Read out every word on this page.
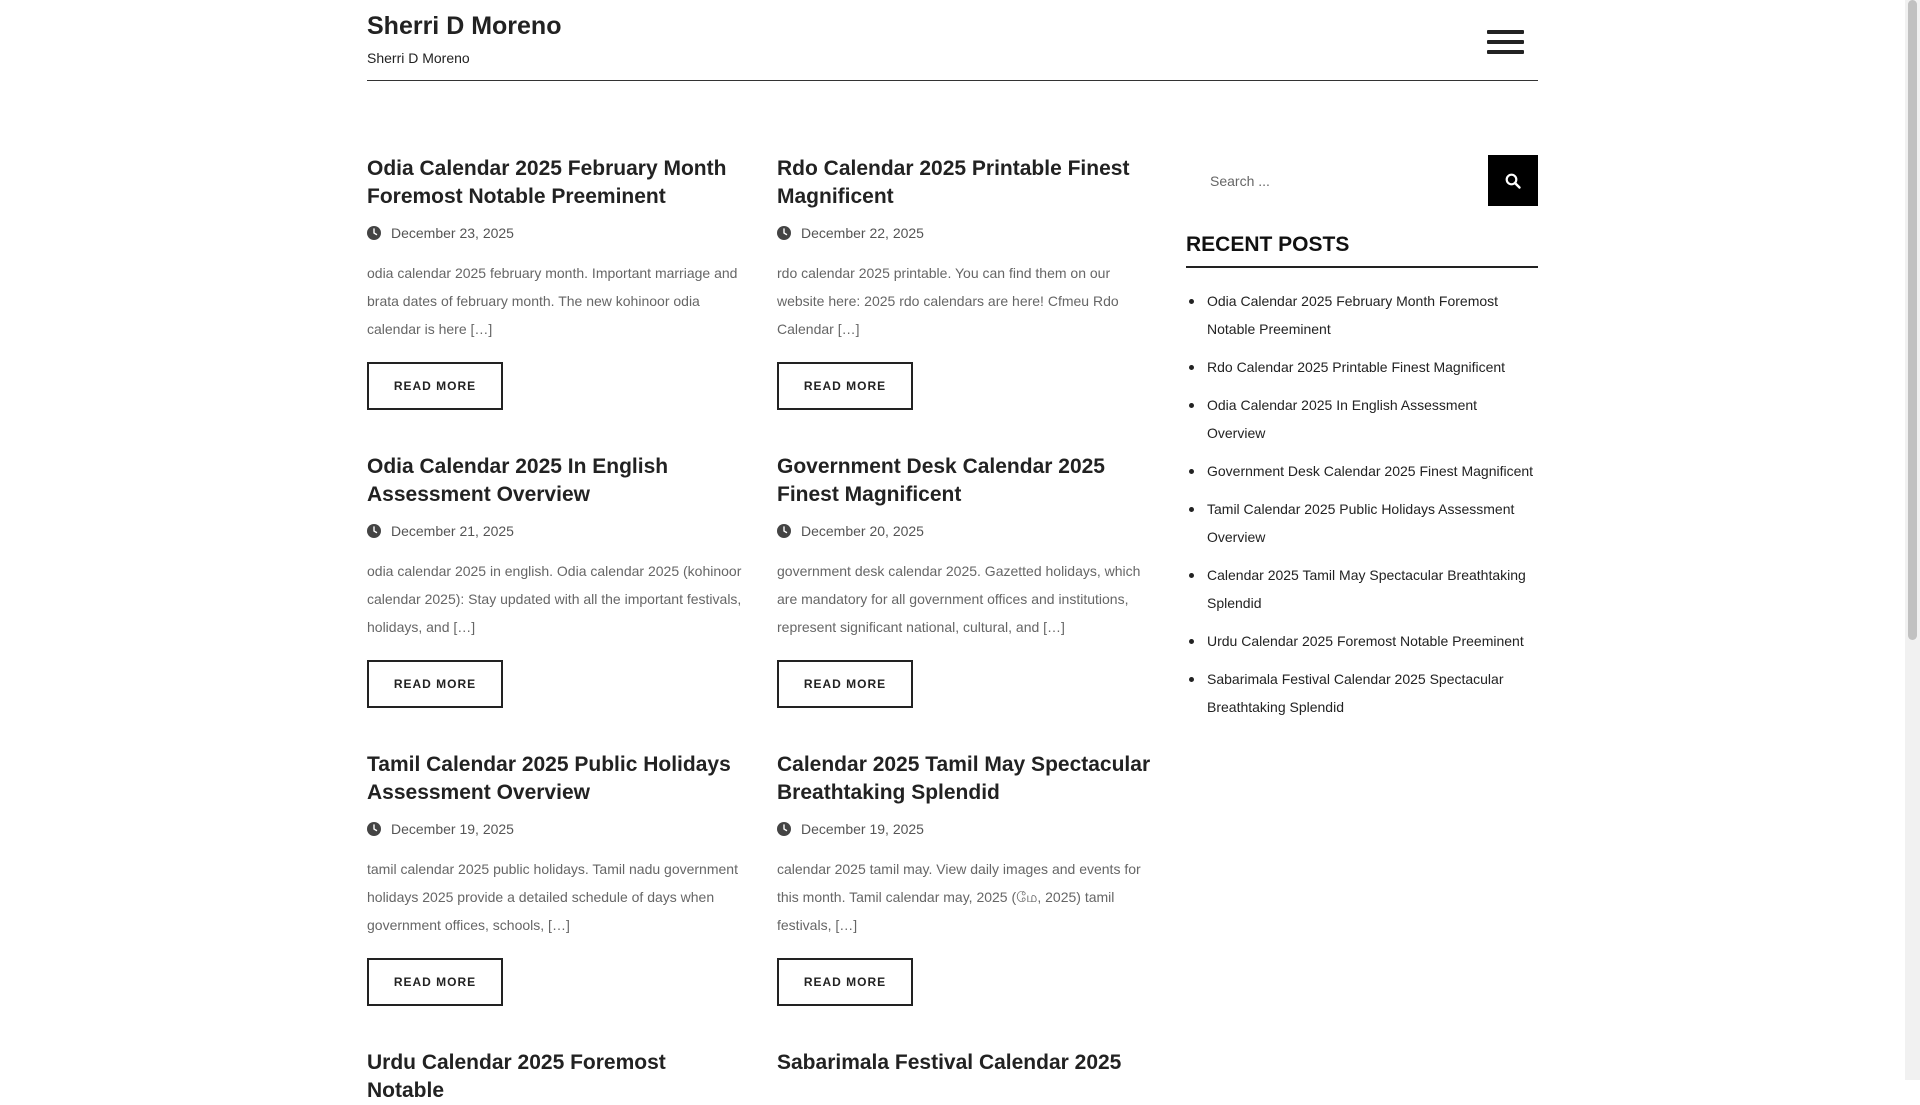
Sherri D Moreno

Sherri D Moreno

Odia Calendar 2025 February Month Foremost Notable Preeminent
December 23, 2025
odia calendar 2025 february month. Important marriage and brata dates of february month. The new kohinoor odia calendar is here […]
READ MORE
Rdo Calendar 2025 Printable Finest Magnificent
December 22, 2025
rdo calendar 2025 printable. You can find them on our website here: 2025 rdo calendars are here! Cfmeu Rdo Calendar […]
READ MORE
Odia Calendar 2025 In English Assessment Overview
December 21, 2025
odia calendar 2025 in english. Odia calendar 2025 (kohinoor calendar 2025): Stay updated with all the important festivals, holidays, and […]
READ MORE
Government Desk Calendar 2025 Finest Magnificent
December 20, 2025
government desk calendar 2025. Gazetted holidays, which are mandatory for all government offices and institutions, represent significant national, cultural, and […]
READ MORE
Tamil Calendar 2025 Public Holidays Assessment Overview
December 19, 2025
tamil calendar 2025 public holidays. Tamil nadu government holidays 2025 provide a detailed schedule of days when government offices, schools, […]
READ MORE
Calendar 2025 Tamil May Spectacular Breathtaking Splendid
December 19, 2025
calendar 2025 tamil may. View daily images and events for this month. Tamil calendar may, 2025 (மே, 2025) tamil festivals, […]
READ MORE
Urdu Calendar 2025 Foremost Notable
Sabarimala Festival Calendar 2025
Search ...
RECENT POSTS
Odia Calendar 2025 February Month Foremost Notable Preeminent
Rdo Calendar 2025 Printable Finest Magnificent
Odia Calendar 2025 In English Assessment Overview
Government Desk Calendar 2025 Finest Magnificent
Tamil Calendar 2025 Public Holidays Assessment Overview
Calendar 2025 Tamil May Spectacular Breathtaking Splendid
Urdu Calendar 2025 Foremost Notable Preeminent
Sabarimala Festival Calendar 2025 Spectacular Breathtaking Splendid
